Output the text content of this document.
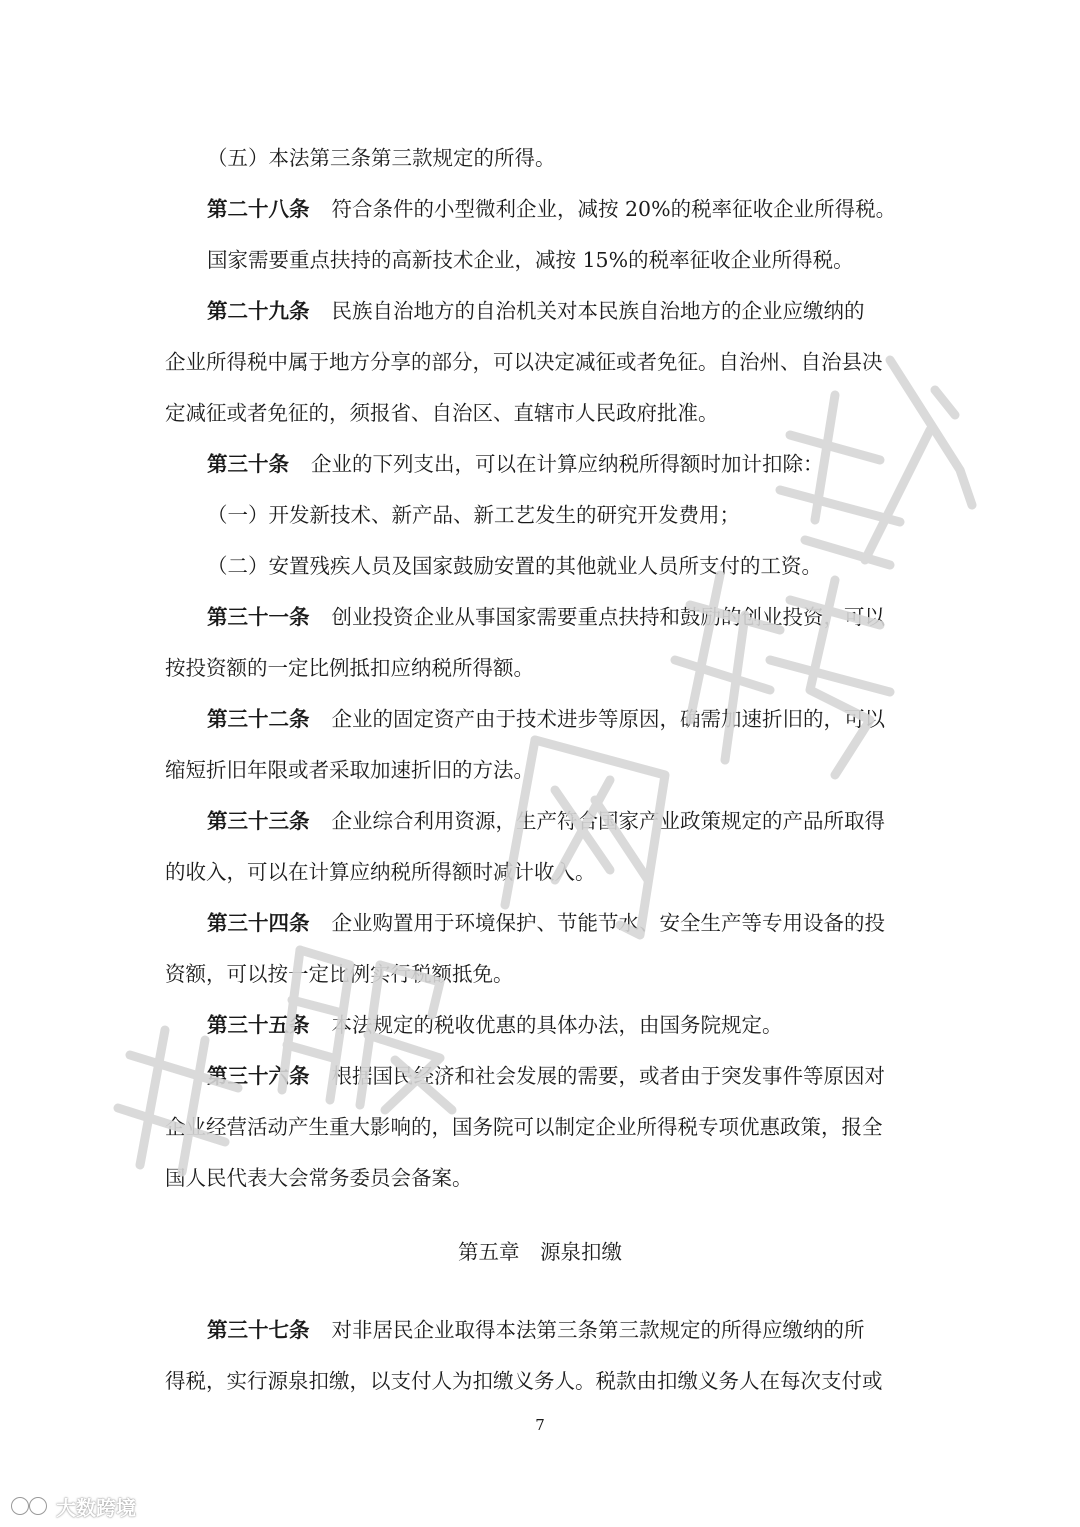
（五）本法第三条第三款规定的所得。
第二十八条 符合条件的小型微利企业，减按 20%的税率征收企业所得税。
国家需要重点扶持的高新技术企业，减按 15%的税率征收企业所得税。
第二十九条 民族自治地方的自治机关对本民族自治地方的企业应缴纳的
企业所得税中属于地方分享的部分，可以决定减征或者免征。自治州、自治县决
定减征或者免征的，须报省、自治区、直辖市人民政府批准。
第三十条 企业的下列支出，可以在计算应纳税所得额时加计扣除：
（一）开发新技术、新产品、新工艺发生的研究开发费用；
（二）安置残疾人员及国家鼓励安置的其他就业人员所支付的工资。
第三十一条 创业投资企业从事国家需要重点扶持和鼓励的创业投资，可以
按投资额的一定比例抵扣应纳税所得额。
第三十二条 企业的固定资产由于技术进步等原因，确需加速折旧的，可以
缩短折旧年限或者采取加速折旧的方法。
第三十三条 企业综合利用资源，生产符合国家产业政策规定的产品所取得
的收入，可以在计算应纳税所得额时减计收入。
第三十四条 企业购置用于环境保护、节能节水、安全生产等专用设备的投
资额，可以按一定比例实行税额抵免。
第三十五条 本法规定的税收优惠的具体办法，由国务院规定。
第三十六条 根据国民经济和社会发展的需要，或者由于突发事件等原因对
企业经营活动产生重大影响的，国务院可以制定企业所得税专项优惠政策，报全
国人民代表大会常务委员会备案。
第五章　源泉扣缴
第三十七条 对非居民企业取得本法第三条第三款规定的所得应缴纳的所
得税，实行源泉扣缴，以支付人为扣缴义务人。税款由扣缴义务人在每次支付或
7
大数跨境
